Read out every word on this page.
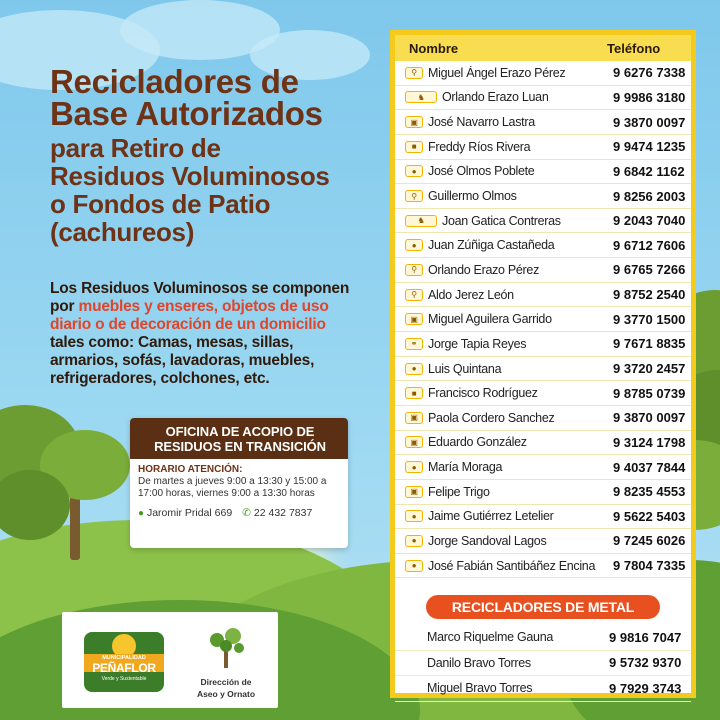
Recicladores de
Base Autorizados
para Retiro de
Residuos Voluminosos
o Fondos de Patio
(cachureos)
Los Residuos Voluminosos se componen por muebles y enseres, objetos de uso diario o de decoración de un domicilio tales como: Camas, mesas, sillas, armarios, sofás, lavadoras, muebles, refrigeradores, colchones, etc.
OFICINA DE ACOPIO DE
RESIDUOS EN TRANSICIÓN
HORARIO ATENCIÓN:
De martes a jueves 9:00 a 13:30 y 15:00 a 17:00 horas, viernes 9:00 a 13:30 horas
● Jaromir Pridal 669 ✆ 22 432 7837
MUNICIPALIDAD
PEÑAFLOR
Verde y Sustentable	Dirección de
Aseo y Ornato
Nombre	Teléfono
⚲ Miguel Ángel Erazo Pérez	9 6276 7338
♞	Orlando Erazo Luan	9 9986 3180
▣ José Navarro Lastra	9 3870 0097
■ Freddy Ríos Rivera	9 9474 1235
● José Olmos Poblete	9 6842 1162
⚲ Guillermo Olmos	9 8256 2003
♞	Joan Gatica Contreras	9 2043 7040
● Juan Zúñiga Castañeda	9 6712 7606
⚲ Orlando Erazo Pérez	9 6765 7266
⚲ Aldo Jerez León	9 8752 2540
▣ Miguel Aguilera Garrido	9 3770 1500
⚭ Jorge Tapia Reyes	9 7671 8835
● Luis Quintana	9 3720 2457
■ Francisco Rodríguez	9 8785 0739
▣ Paola Cordero Sanchez	9 3870 0097
▣ Eduardo González	9 3124 1798
● María Moraga	9 4037 7844
▣ Felipe Trigo	9 8235 4553
● Jaime Gutiérrez Letelier	9 5622 5403
● Jorge Sandoval Lagos	9 7245 6026
● José Fabián Santibáñez Encina	9 7804 7335
RECICLADORES DE METAL
Marco Riquelme Gauna	9 9816 7047
Danilo Bravo Torres	9 5732 9370
Miguel Bravo Torres	9 7929 3743
